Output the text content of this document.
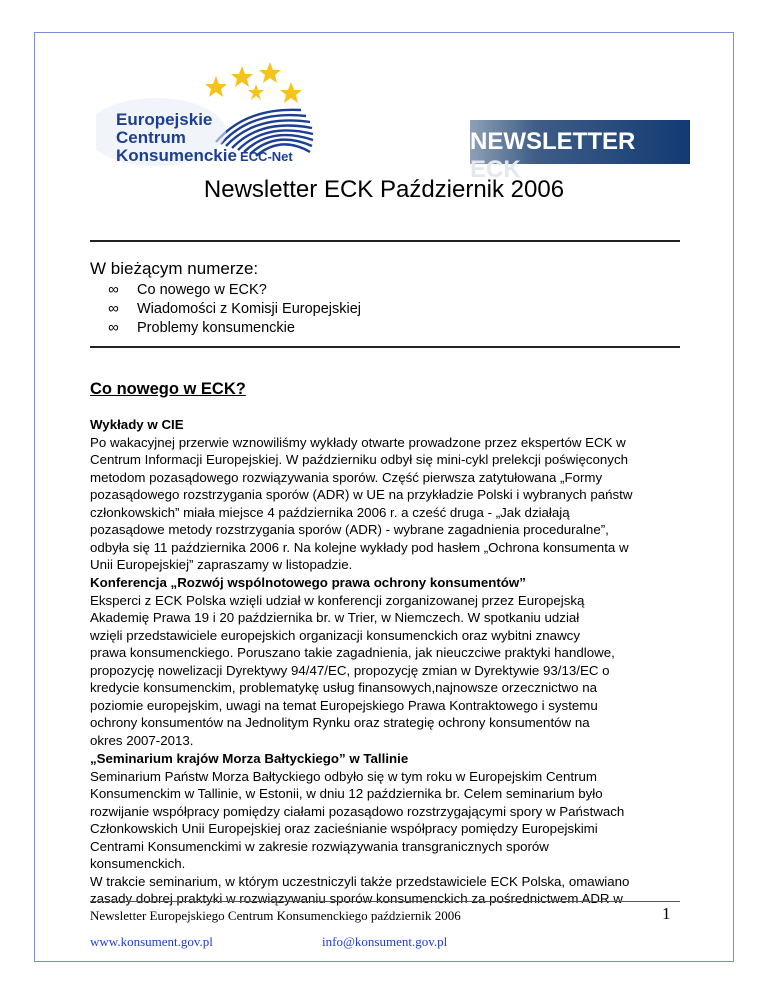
Europejskie
Centrum
Konsumenckie ECC-Net
NEWSLETTER ECK
Newsletter ECK Październik 2006
W bieżącym numerze:
∞ Co nowego w ECK?
∞ Wiadomości z Komisji Europejskiej
∞ Problemy konsumenckie
Co nowego w ECK?
Wykłady w CIE

Po wakacyjnej przerwie wznowiliśmy wykłady otwarte prowadzone przez ekspertów ECK w

Centrum Informacji Europejskiej. W październiku odbył się mini-cykl prelekcji poświęconych

metodom pozasądowego rozwiązywania sporów. Część pierwsza zatytułowana „Formy

pozasądowego rozstrzygania sporów (ADR) w UE na przykładzie Polski i wybranych państw

członkowskich” miała miejsce 4 października 2006 r. a cześć druga - „Jak działają

pozasądowe metody rozstrzygania sporów (ADR) - wybrane zagadnienia proceduralne”,

odbyła się 11 października 2006 r. Na kolejne wykłady pod hasłem „Ochrona konsumenta w

Unii Europejskiej” zapraszamy w listopadzie.

Konferencja „Rozwój wspólnotowego prawa ochrony konsumentów”

Eksperci z ECK Polska wzięli udział w konferencji zorganizowanej przez Europejską

Akademię Prawa 19 i 20 października br. w Trier, w Niemczech. W spotkaniu udział

wzięli przedstawiciele europejskich organizacji konsumenckich oraz wybitni znawcy

prawa konsumenckiego. Poruszano takie zagadnienia, jak nieuczciwe praktyki handlowe,

propozycję nowelizacji Dyrektywy 94/47/EC, propozycję zmian w Dyrektywie 93/13/EC o

kredycie konsumenckim, problematykę usług finansowych,najnowsze orzecznictwo na

poziomie europejskim, uwagi na temat Europejskiego Prawa Kontraktowego i systemu

ochrony konsumentów na Jednolitym Rynku oraz strategię ochrony konsumentów na

okres 2007-2013.

„Seminarium krajów Morza Bałtyckiego” w Tallinie

Seminarium Państw Morza Bałtyckiego odbyło się w tym roku w Europejskim Centrum

Konsumenckim w Tallinie, w Estonii, w dniu 12 października br. Celem seminarium było

rozwijanie współpracy pomiędzy ciałami pozasądowo rozstrzygającymi spory w Państwach

Członkowskich Unii Europejskiej oraz zacieśnianie współpracy pomiędzy Europejskimi

Centrami Konsumenckimi w zakresie rozwiązywania transgranicznych sporów

konsumenckich.

W trakcie seminarium, w którym uczestniczyli także przedstawiciele ECK Polska, omawiano

zasady dobrej praktyki w rozwiązywaniu sporów konsumenckich za pośrednictwem ADR w

Newsletter Europejskiego Centrum Konsumenckiego październik 2006	1
www.konsument.gov.pl	info@konsument.gov.pl
